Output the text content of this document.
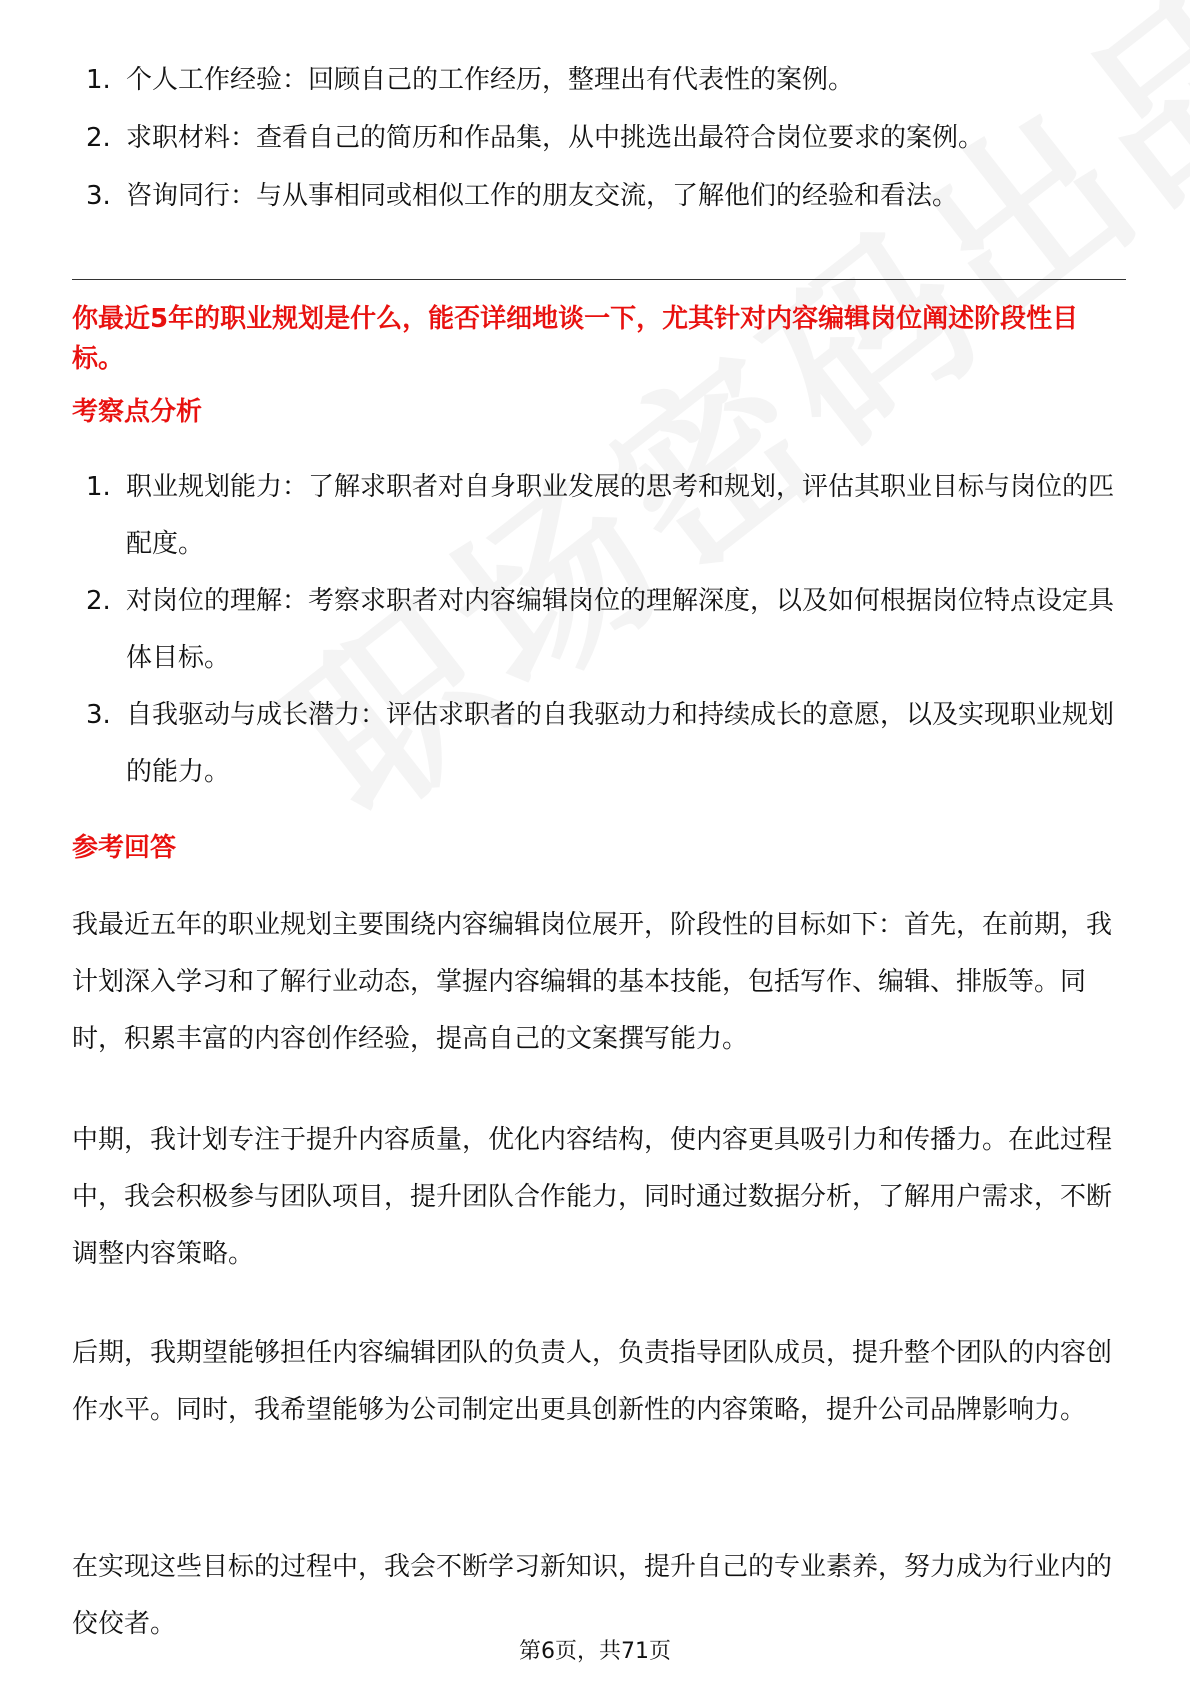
1. 个人工作经验：回顾自己的工作经历，整理出有代表性的案例。
2. 求职材料：查看自己的简历和作品集，从中挑选出最符合岗位要求的案例。
3. 咨询同行：与从事相同或相似工作的朋友交流，了解他们的经验和看法。
你最近5年的职业规划是什么，能否详细地谈一下，尤其针对内容编辑岗位阐述阶段性目标。
考察点分析
1. 职业规划能力：了解求职者对自身职业发展的思考和规划，评估其职业目标与岗位的匹配度。
2. 对岗位的理解：考察求职者对内容编辑岗位的理解深度，以及如何根据岗位特点设定具体目标。
3. 自我驱动与成长潜力：评估求职者的自我驱动力和持续成长的意愿，以及实现职业规划的能力。
参考回答

我最近五年的职业规划主要围绕内容编辑岗位展开，阶段性的目标如下：首先，在前期，我计划深入学习和了解行业动态，掌握内容编辑的基本技能，包括写作、编辑、排版等。同时，积累丰富的内容创作经验，提高自己的文案撰写能力。

中期，我计划专注于提升内容质量，优化内容结构，使内容更具吸引力和传播力。在此过程中，我会积极参与团队项目，提升团队合作能力，同时通过数据分析，了解用户需求，不断调整内容策略。

后期，我期望能够担任内容编辑团队的负责人，负责指导团队成员，提升整个团队的内容创作水平。同时，我希望能够为公司制定出更具创新性的内容策略，提升公司品牌影响力。

在实现这些目标的过程中，我会不断学习新知识，提升自己的专业素养，努力成为行业内的佼佼者。

第6页，共71页
